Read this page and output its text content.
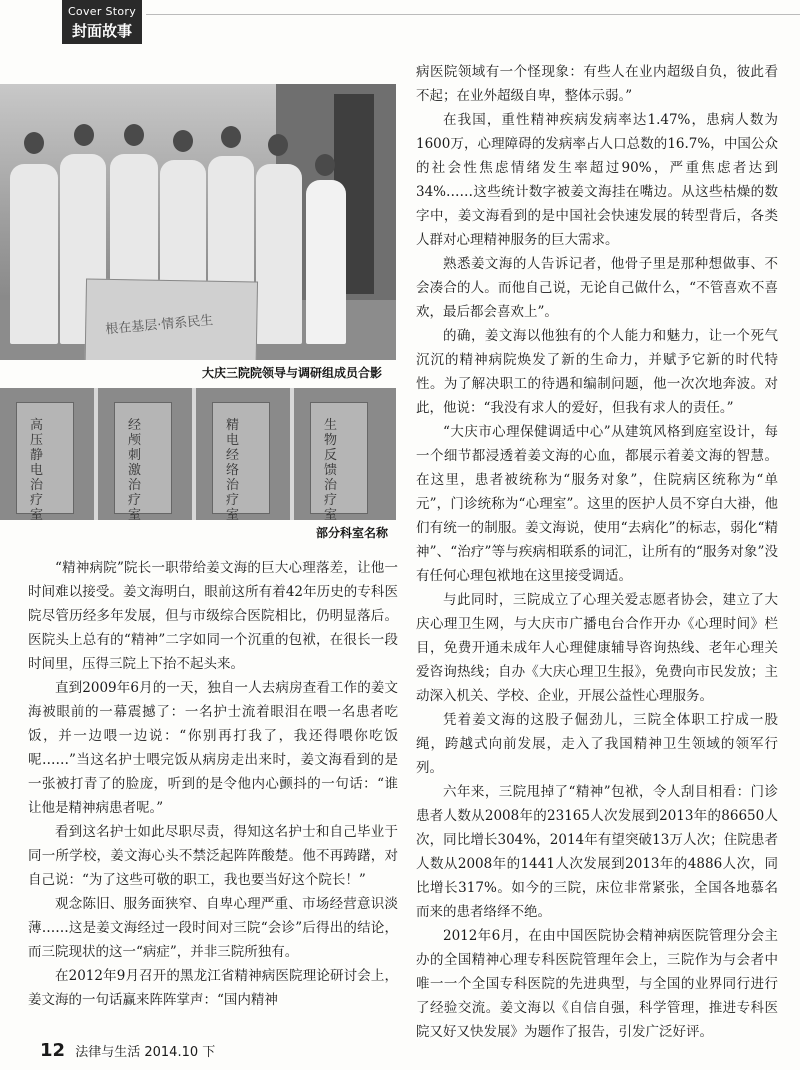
Cover Story
封面故事
根在基层·情系民生
大庆三院院领导与调研组成员合影
高压静电治疗室
经颅刺激治疗室
精电经络治疗室
生物反馈治疗室
部分科室名称

“精神病院”院长一职带给姜文海的巨大心理落差，让他一时间难以接受。姜文海明白，眼前这所有着42年历史的专科医院尽管历经多年发展，但与市级综合医院相比，仍明显落后。医院头上总有的“精神”二字如同一个沉重的包袱，在很长一段时间里，压得三院上下抬不起头来。

直到2009年6月的一天，独自一人去病房查看工作的姜文海被眼前的一幕震撼了：一名护士流着眼泪在喂一名患者吃饭，并一边喂一边说：“你别再打我了，我还得喂你吃饭呢……”当这名护士喂完饭从病房走出来时，姜文海看到的是一张被打青了的脸庞，听到的是令他内心颤抖的一句话：“谁让他是精神病患者呢。”

看到这名护士如此尽职尽责，得知这名护士和自己毕业于同一所学校，姜文海心头不禁泛起阵阵酸楚。他不再踌躇，对自己说：“为了这些可敬的职工，我也要当好这个院长！”

观念陈旧、服务面狭窄、自卑心理严重、市场经营意识淡薄……这是姜文海经过一段时间对三院“会诊”后得出的结论，而三院现状的这一“病症”，并非三院所独有。

在2012年9月召开的黑龙江省精神病医院理论研讨会上，姜文海的一句话赢来阵阵掌声：“国内精神

病医院领域有一个怪现象：有些人在业内超级自负，彼此看不起；在业外超级自卑，整体示弱。”

在我国，重性精神疾病发病率达1.47%，患病人数为1600万，心理障碍的发病率占人口总数的16.7%，中国公众的社会性焦虑情绪发生率超过90%，严重焦虑者达到34%……这些统计数字被姜文海挂在嘴边。从这些枯燥的数字中，姜文海看到的是中国社会快速发展的转型背后，各类人群对心理精神服务的巨大需求。

熟悉姜文海的人告诉记者，他骨子里是那种想做事、不会凑合的人。而他自己说，无论自己做什么，“不管喜欢不喜欢，最后都会喜欢上”。

的确，姜文海以他独有的个人能力和魅力，让一个死气沉沉的精神病院焕发了新的生命力，并赋予它新的时代特性。为了解决职工的待遇和编制问题，他一次次地奔波。对此，他说：“我没有求人的爱好，但我有求人的责任。”

“大庆市心理保健调适中心”从建筑风格到庭室设计，每一个细节都浸透着姜文海的心血，都展示着姜文海的智慧。在这里，患者被统称为“服务对象”，住院病区统称为“单元”，门诊统称为“心理室”。这里的医护人员不穿白大褂，他们有统一的制服。姜文海说，使用“去病化”的标志，弱化“精神”、“治疗”等与疾病相联系的词汇，让所有的“服务对象”没有任何心理包袱地在这里接受调适。

与此同时，三院成立了心理关爱志愿者协会，建立了大庆心理卫生网，与大庆市广播电台合作开办《心理时间》栏目，免费开通未成年人心理健康辅导咨询热线、老年心理关爱咨询热线；自办《大庆心理卫生报》，免费向市民发放；主动深入机关、学校、企业，开展公益性心理服务。

凭着姜文海的这股子倔劲儿，三院全体职工拧成一股绳，跨越式向前发展，走入了我国精神卫生领域的领军行列。

六年来，三院甩掉了“精神”包袱，令人刮目相看：门诊患者人数从2008年的23165人次发展到2013年的86650人次，同比增长304%，2014年有望突破13万人次；住院患者人数从2008年的1441人次发展到2013年的4886人次，同比增长317%。如今的三院，床位非常紧张，全国各地慕名而来的患者络绎不绝。

2012年6月，在由中国医院协会精神病医院管理分会主办的全国精神心理专科医院管理年会上，三院作为与会者中唯一一个全国专科医院的先进典型，与全国的业界同行进行了经验交流。姜文海以《自信自强，科学管理，推进专科医院又好又快发展》为题作了报告，引发广泛好评。

12 法律与生活 2014.10 下
